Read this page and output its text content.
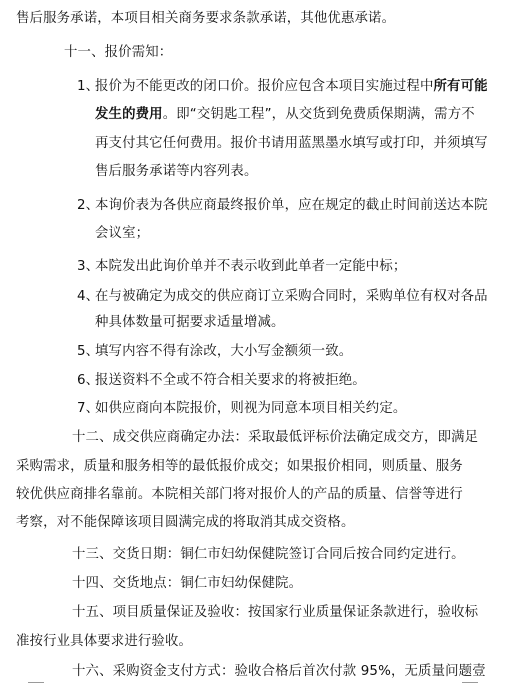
售后服务承诺，本项目相关商务要求条款承诺，其他优惠承诺。
十一、报价需知：
1、报价为不能更改的闭口价。报价应包含本项目实施过程中所有可能
发生的费用。即“交钥匙工程”，从交货到免费质保期满，需方不
再支付其它任何费用。报价书请用蓝黑墨水填写或打印，并须填写
售后服务承诺等内容列表。
2、本询价表为各供应商最终报价单，应在规定的截止时间前送达本院
会议室；
3、本院发出此询价单并不表示收到此单者一定能中标；
4、在与被确定为成交的供应商订立采购合同时，采购单位有权对各品
种具体数量可据要求适量增减。
5、填写内容不得有涂改，大小写金额须一致。
6、报送资料不全或不符合相关要求的将被拒绝。
7、如供应商向本院报价，则视为同意本项目相关约定。
十二、成交供应商确定办法：采取最低评标价法确定成交方，即满足
采购需求，质量和服务相等的最低报价成交；如果报价相同，则质量、服务
较优供应商排名靠前。本院相关部门将对报价人的产品的质量、信誉等进行
考察，对不能保障该项目圆满完成的将取消其成交资格。
十三、交货日期：铜仁市妇幼保健院签订合同后按合同约定进行。
十四、交货地点：铜仁市妇幼保健院。
十五、项目质量保证及验收：按国家行业质量保证条款进行，验收标
准按行业具体要求进行验收。
十六、采购资金支付方式：验收合格后首次付款 95%，无质量问题壹
